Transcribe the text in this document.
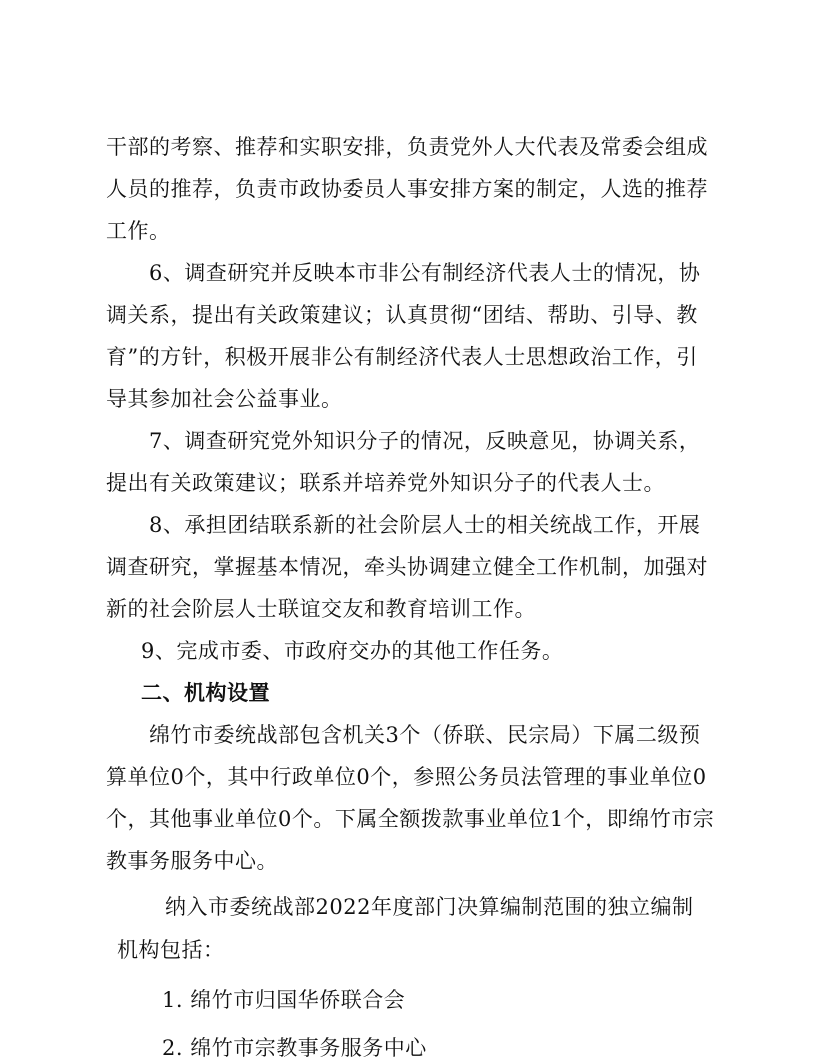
干部的考察、推荐和实职安排，负责党外人大代表及常委会组成
人员的推荐，负责市政协委员人事安排方案的制定，人选的推荐
工作。
6、调查研究并反映本市非公有制经济代表人士的情况，协
调关系，提出有关政策建议；认真贯彻“团结、帮助、引导、教
育”的方针，积极开展非公有制经济代表人士思想政治工作，引
导其参加社会公益事业。
7、调查研究党外知识分子的情况，反映意见，协调关系，
提出有关政策建议；联系并培养党外知识分子的代表人士。
8、承担团结联系新的社会阶层人士的相关统战工作，开展
调查研究，掌握基本情况，牵头协调建立健全工作机制，加强对
新的社会阶层人士联谊交友和教育培训工作。
9、完成市委、市政府交办的其他工作任务。
二、机构设置
绵竹市委统战部包含机关3个（侨联、民宗局）下属二级预
算单位0个，其中行政单位0个，参照公务员法管理的事业单位0
个，其他事业单位0个。下属全额拨款事业单位1个，即绵竹市宗
教事务服务中心。
纳入市委统战部2022年度部门决算编制范围的独立编制
机构包括：
1. 绵竹市归国华侨联合会
2. 绵竹市宗教事务服务中心
